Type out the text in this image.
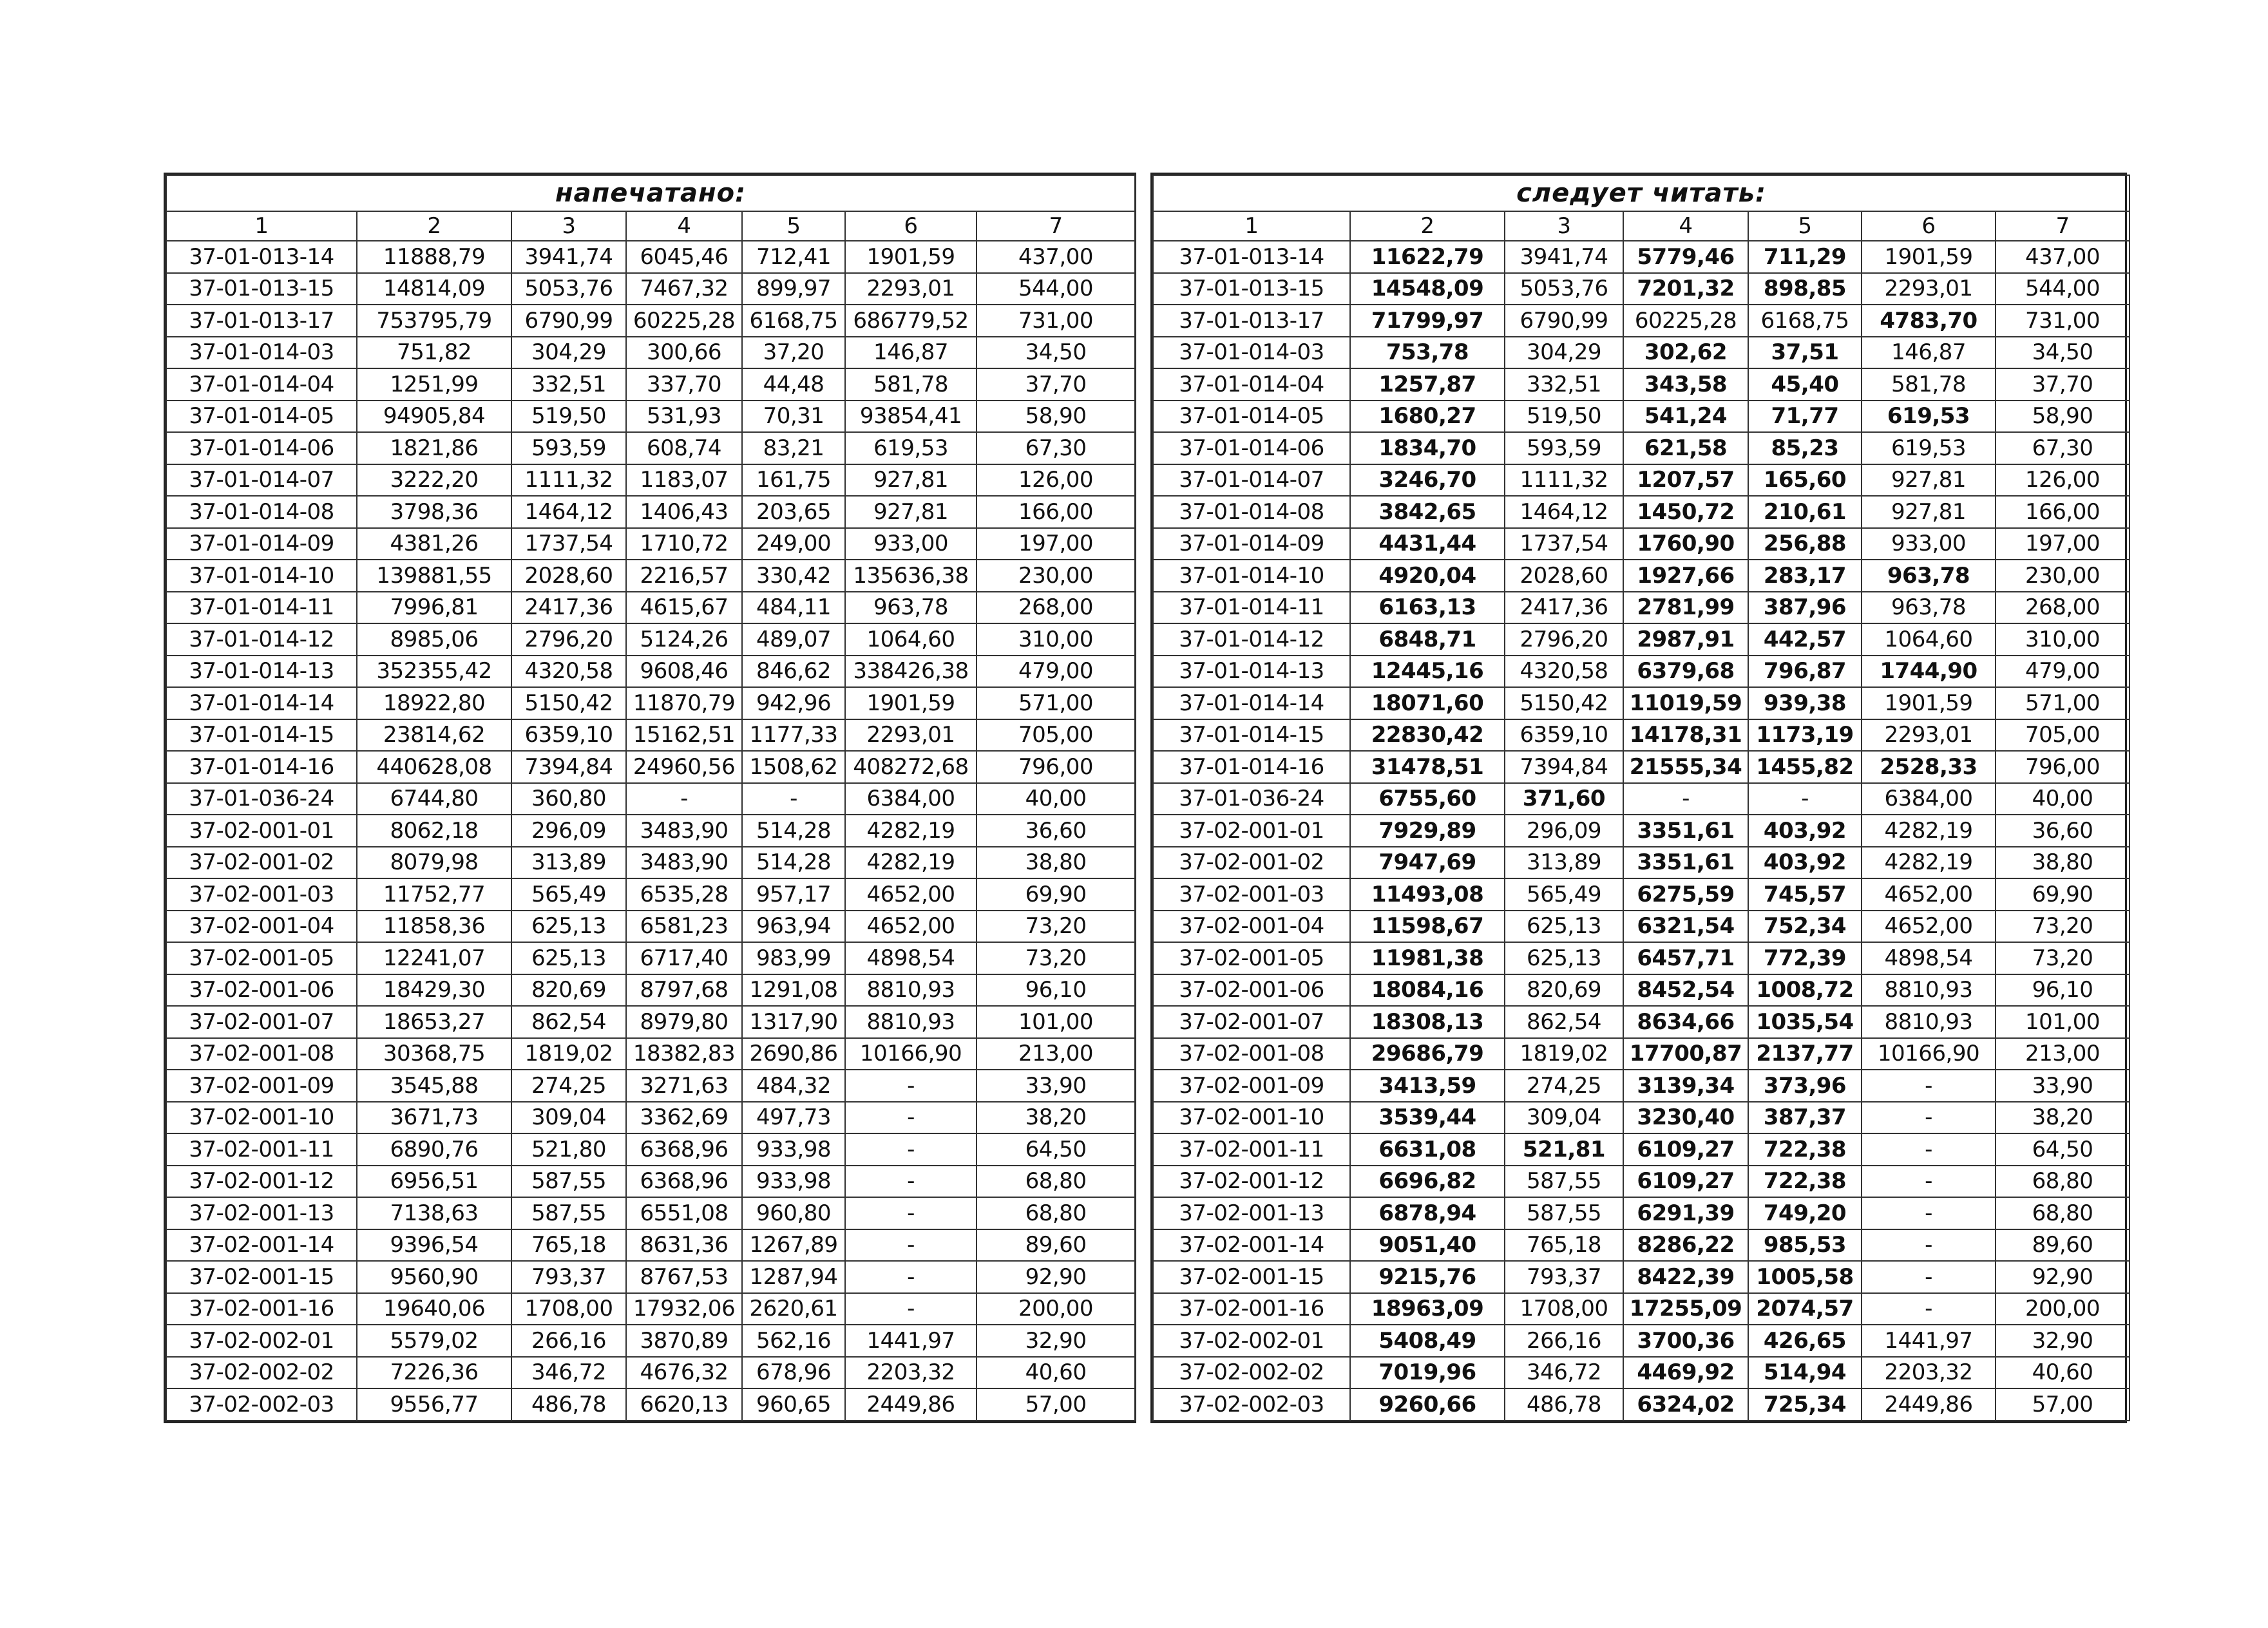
напечатано:						
1	2	3	4	5	6	7
37-01-013-14	11888,79	3941,74	6045,46	712,41	1901,59	437,00
37-01-013-15	14814,09	5053,76	7467,32	899,97	2293,01	544,00
37-01-013-17	753795,79	6790,99	60225,28	6168,75	686779,52	731,00
37-01-014-03	751,82	304,29	300,66	37,20	146,87	34,50
37-01-014-04	1251,99	332,51	337,70	44,48	581,78	37,70
37-01-014-05	94905,84	519,50	531,93	70,31	93854,41	58,90
37-01-014-06	1821,86	593,59	608,74	83,21	619,53	67,30
37-01-014-07	3222,20	1111,32	1183,07	161,75	927,81	126,00
37-01-014-08	3798,36	1464,12	1406,43	203,65	927,81	166,00
37-01-014-09	4381,26	1737,54	1710,72	249,00	933,00	197,00
37-01-014-10	139881,55	2028,60	2216,57	330,42	135636,38	230,00
37-01-014-11	7996,81	2417,36	4615,67	484,11	963,78	268,00
37-01-014-12	8985,06	2796,20	5124,26	489,07	1064,60	310,00
37-01-014-13	352355,42	4320,58	9608,46	846,62	338426,38	479,00
37-01-014-14	18922,80	5150,42	11870,79	942,96	1901,59	571,00
37-01-014-15	23814,62	6359,10	15162,51	1177,33	2293,01	705,00
37-01-014-16	440628,08	7394,84	24960,56	1508,62	408272,68	796,00
37-01-036-24	6744,80	360,80	-	-	6384,00	40,00
37-02-001-01	8062,18	296,09	3483,90	514,28	4282,19	36,60
37-02-001-02	8079,98	313,89	3483,90	514,28	4282,19	38,80
37-02-001-03	11752,77	565,49	6535,28	957,17	4652,00	69,90
37-02-001-04	11858,36	625,13	6581,23	963,94	4652,00	73,20
37-02-001-05	12241,07	625,13	6717,40	983,99	4898,54	73,20
37-02-001-06	18429,30	820,69	8797,68	1291,08	8810,93	96,10
37-02-001-07	18653,27	862,54	8979,80	1317,90	8810,93	101,00
37-02-001-08	30368,75	1819,02	18382,83	2690,86	10166,90	213,00
37-02-001-09	3545,88	274,25	3271,63	484,32	-	33,90
37-02-001-10	3671,73	309,04	3362,69	497,73	-	38,20
37-02-001-11	6890,76	521,80	6368,96	933,98	-	64,50
37-02-001-12	6956,51	587,55	6368,96	933,98	-	68,80
37-02-001-13	7138,63	587,55	6551,08	960,80	-	68,80
37-02-001-14	9396,54	765,18	8631,36	1267,89	-	89,60
37-02-001-15	9560,90	793,37	8767,53	1287,94	-	92,90
37-02-001-16	19640,06	1708,00	17932,06	2620,61	-	200,00
37-02-002-01	5579,02	266,16	3870,89	562,16	1441,97	32,90
37-02-002-02	7226,36	346,72	4676,32	678,96	2203,32	40,60
37-02-002-03	9556,77	486,78	6620,13	960,65	2449,86	57,00
следует читать:						
1	2	3	4	5	6	7
37-01-013-14	11622,79	3941,74	5779,46	711,29	1901,59	437,00
37-01-013-15	14548,09	5053,76	7201,32	898,85	2293,01	544,00
37-01-013-17	71799,97	6790,99	60225,28	6168,75	4783,70	731,00
37-01-014-03	753,78	304,29	302,62	37,51	146,87	34,50
37-01-014-04	1257,87	332,51	343,58	45,40	581,78	37,70
37-01-014-05	1680,27	519,50	541,24	71,77	619,53	58,90
37-01-014-06	1834,70	593,59	621,58	85,23	619,53	67,30
37-01-014-07	3246,70	1111,32	1207,57	165,60	927,81	126,00
37-01-014-08	3842,65	1464,12	1450,72	210,61	927,81	166,00
37-01-014-09	4431,44	1737,54	1760,90	256,88	933,00	197,00
37-01-014-10	4920,04	2028,60	1927,66	283,17	963,78	230,00
37-01-014-11	6163,13	2417,36	2781,99	387,96	963,78	268,00
37-01-014-12	6848,71	2796,20	2987,91	442,57	1064,60	310,00
37-01-014-13	12445,16	4320,58	6379,68	796,87	1744,90	479,00
37-01-014-14	18071,60	5150,42	11019,59	939,38	1901,59	571,00
37-01-014-15	22830,42	6359,10	14178,31	1173,19	2293,01	705,00
37-01-014-16	31478,51	7394,84	21555,34	1455,82	2528,33	796,00
37-01-036-24	6755,60	371,60	-	-	6384,00	40,00
37-02-001-01	7929,89	296,09	3351,61	403,92	4282,19	36,60
37-02-001-02	7947,69	313,89	3351,61	403,92	4282,19	38,80
37-02-001-03	11493,08	565,49	6275,59	745,57	4652,00	69,90
37-02-001-04	11598,67	625,13	6321,54	752,34	4652,00	73,20
37-02-001-05	11981,38	625,13	6457,71	772,39	4898,54	73,20
37-02-001-06	18084,16	820,69	8452,54	1008,72	8810,93	96,10
37-02-001-07	18308,13	862,54	8634,66	1035,54	8810,93	101,00
37-02-001-08	29686,79	1819,02	17700,87	2137,77	10166,90	213,00
37-02-001-09	3413,59	274,25	3139,34	373,96	-	33,90
37-02-001-10	3539,44	309,04	3230,40	387,37	-	38,20
37-02-001-11	6631,08	521,81	6109,27	722,38	-	64,50
37-02-001-12	6696,82	587,55	6109,27	722,38	-	68,80
37-02-001-13	6878,94	587,55	6291,39	749,20	-	68,80
37-02-001-14	9051,40	765,18	8286,22	985,53	-	89,60
37-02-001-15	9215,76	793,37	8422,39	1005,58	-	92,90
37-02-001-16	18963,09	1708,00	17255,09	2074,57	-	200,00
37-02-002-01	5408,49	266,16	3700,36	426,65	1441,97	32,90
37-02-002-02	7019,96	346,72	4469,92	514,94	2203,32	40,60
37-02-002-03	9260,66	486,78	6324,02	725,34	2449,86	57,00
